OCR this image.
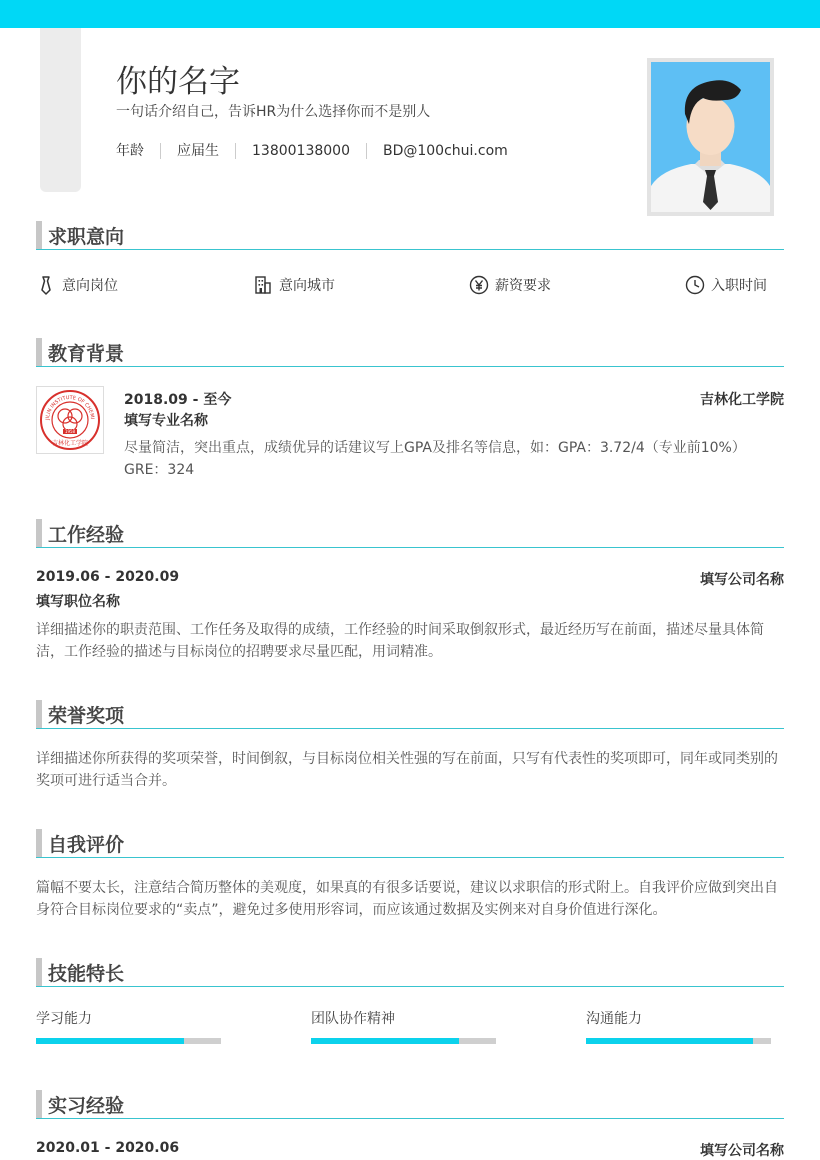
你的名字
一句话介绍自己，告诉HR为什么选择你而不是别人
年龄	应届生	13800138000	BD@100chui.com
求职意向
意向岗位	意向城市	薪资要求	入职时间
教育背景
JILIN INSTITUTE OF CHEMI
1958
吉林化工学院
2018.09 - 至今	吉林化工学院
填写专业名称
尽量简洁，突出重点，成绩优异的话建议写上GPA及排名等信息，如：GPA：3.72/4（专业前10%） GRE：324
工作经验
2019.06 - 2020.09	填写公司名称
填写职位名称
详细描述你的职责范围、工作任务及取得的成绩，工作经验的时间采取倒叙形式，最近经历写在前面，描述尽量具体简洁，工作经验的描述与目标岗位的招聘要求尽量匹配，用词精准。
荣誉奖项
详细描述你所获得的奖项荣誉，时间倒叙，与目标岗位相关性强的写在前面，只写有代表性的奖项即可，同年或同类别的奖项可进行适当合并。
自我评价
篇幅不要太长，注意结合简历整体的美观度，如果真的有很多话要说，建议以求职信的形式附上。自我评价应做到突出自身符合目标岗位要求的“卖点”，避免过多使用形容词，而应该通过数据及实例来对自身价值进行深化。
技能特长
学习能力	团队协作精神	沟通能力
实习经验
2020.01 - 2020.06	填写公司名称
